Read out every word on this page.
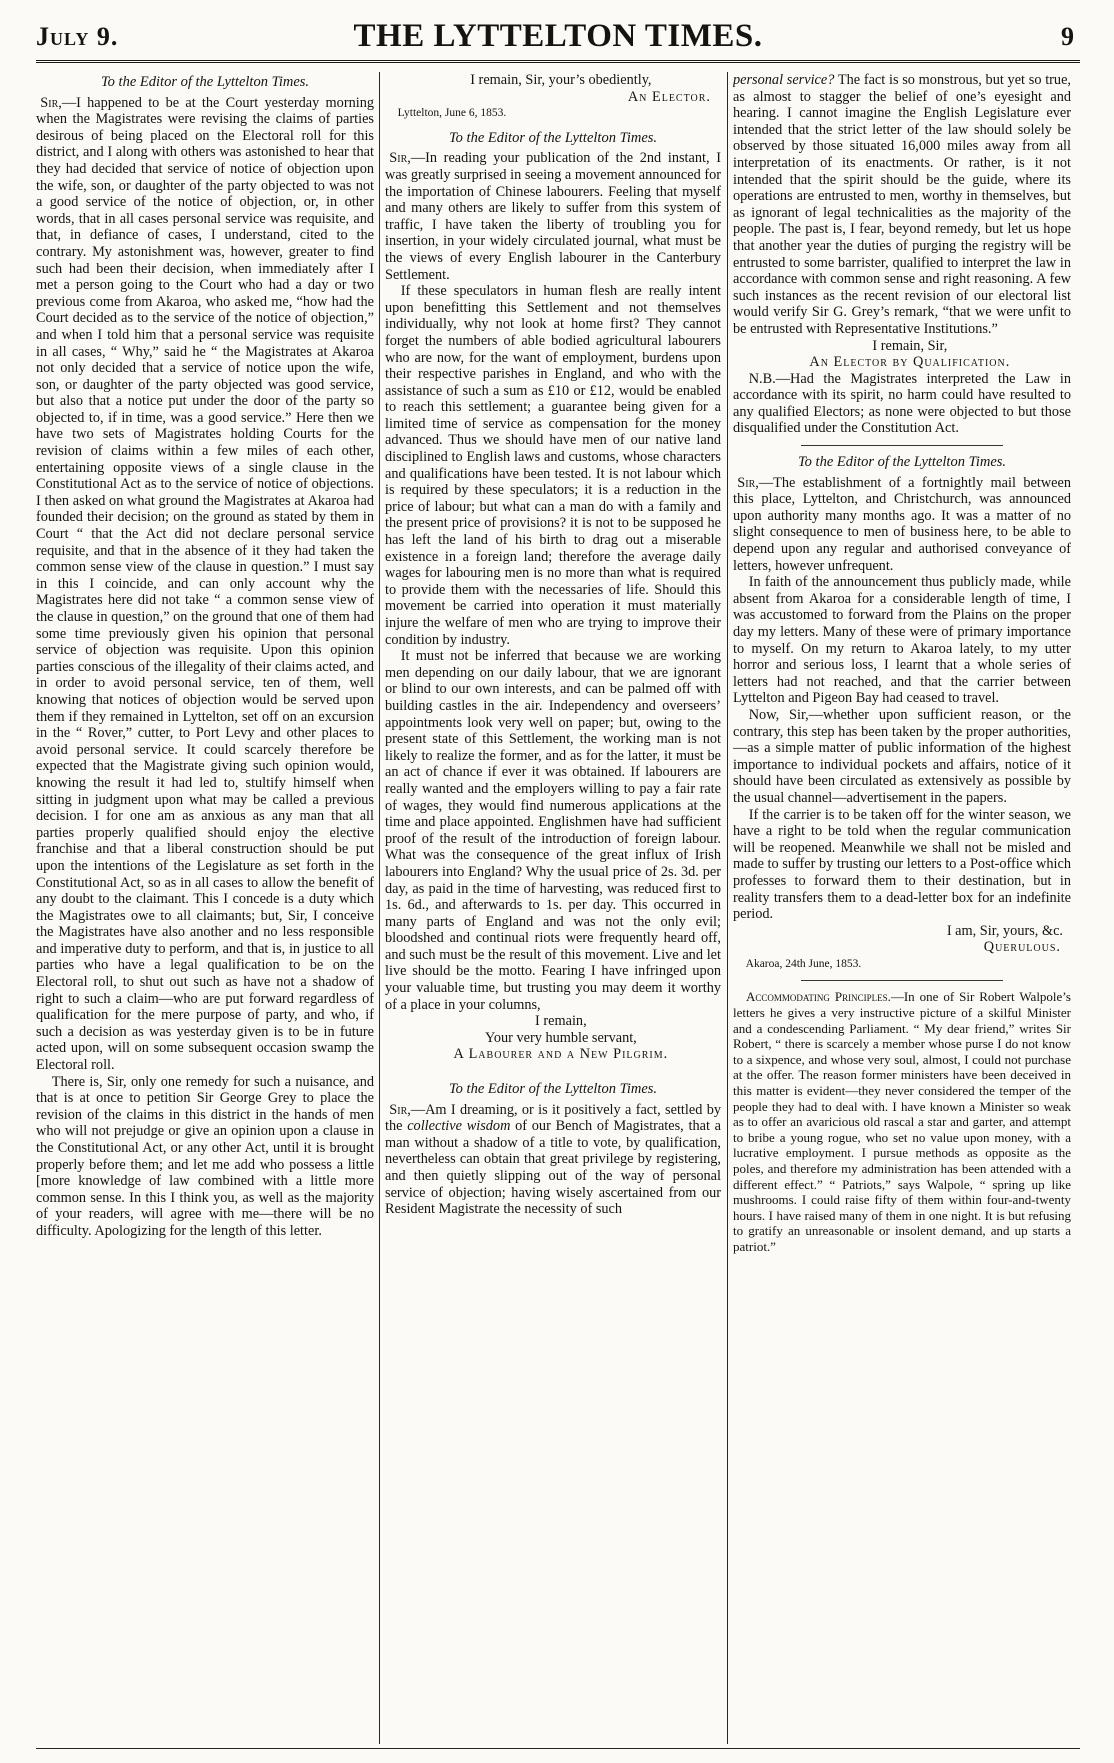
July 9.	THE LYTTELTON TIMES.	9
To the Editor of the Lyttelton Times.

Sir,—I happened to be at the Court yesterday morning when the Magistrates were revising the claims of parties desirous of being placed on the Electoral roll for this district, and I along with others was astonished to hear that they had decided that service of notice of objection upon the wife, son, or daughter of the party objected to was not a good service of the notice of objection, or, in other words, that in all cases personal service was requisite, and that, in defiance of cases, I understand, cited to the contrary. My astonishment was, however, greater to find such had been their decision, when immediately after I met a person going to the Court who had a day or two previous come from Akaroa, who asked me, “how had the Court decided as to the service of the notice of objection,” and when I told him that a personal service was requisite in all cases, “ Why,” said he “ the Magistrates at Akaroa not only decided that a service of notice upon the wife, son, or daughter of the party objected was good service, but also that a notice put under the door of the party so objected to, if in time, was a good service.” Here then we have two sets of Magistrates holding Courts for the revision of claims within a few miles of each other, entertaining opposite views of a single clause in the Constitutional Act as to the service of notice of objections. I then asked on what ground the Magistrates at Akaroa had founded their decision; on the ground as stated by them in Court “ that the Act did not declare personal service requisite, and that in the absence of it they had taken the common sense view of the clause in question.” I must say in this I coincide, and can only account why the Magistrates here did not take “ a common sense view of the clause in question,” on the ground that one of them had some time previously given his opinion that personal service of objection was requisite. Upon this opinion parties conscious of the illegality of their claims acted, and in order to avoid personal service, ten of them, well knowing that notices of objection would be served upon them if they remained in Lyttelton, set off on an excursion in the “ Rover,” cutter, to Port Levy and other places to avoid personal service. It could scarcely therefore be expected that the Magistrate giving such opinion would, knowing the result it had led to, stultify himself when sitting in judgment upon what may be called a previous decision. I for one am as anxious as any man that all parties properly qualified should enjoy the elective franchise and that a liberal construction should be put upon the intentions of the Legislature as set forth in the Constitutional Act, so as in all cases to allow the benefit of any doubt to the claimant. This I concede is a duty which the Magistrates owe to all claimants; but, Sir, I conceive the Magistrates have also another and no less responsible and imperative duty to perform, and that is, in justice to all parties who have a legal qualification to be on the Electoral roll, to shut out such as have not a shadow of right to such a claim—who are put forward regardless of qualification for the mere purpose of party, and who, if such a decision as was yesterday given is to be in future acted upon, will on some subsequent occasion swamp the Electoral roll.

There is, Sir, only one remedy for such a nuisance, and that is at once to petition Sir George Grey to place the revision of the claims in this district in the hands of men who will not prejudge or give an opinion upon a clause in the Constitutional Act, or any other Act, until it is brought properly before them; and let me add who possess a little [more knowledge of law combined with a little more common sense. In this I think you, as well as the majority of your readers, will agree with me—there will be no difficulty. Apologizing for the length of this letter.

I remain, Sir, your’s obediently,

An Elector.

Lyttelton, June 6, 1853.

To the Editor of the Lyttelton Times.

Sir,—In reading your publication of the 2nd instant, I was greatly surprised in seeing a movement announced for the importation of Chinese labourers. Feeling that myself and many others are likely to suffer from this system of traffic, I have taken the liberty of troubling you for insertion, in your widely circulated journal, what must be the views of every English labourer in the Canterbury Settlement.

If these speculators in human flesh are really intent upon benefitting this Settlement and not themselves individually, why not look at home first? They cannot forget the numbers of able bodied agricultural labourers who are now, for the want of employment, burdens upon their respective parishes in England, and who with the assistance of such a sum as £10 or £12, would be enabled to reach this settlement; a guarantee being given for a limited time of service as compensation for the money advanced. Thus we should have men of our native land disciplined to English laws and customs, whose characters and qualifications have been tested. It is not labour which is required by these speculators; it is a reduction in the price of labour; but what can a man do with a family and the present price of provisions? it is not to be supposed he has left the land of his birth to drag out a miserable existence in a foreign land; therefore the average daily wages for labouring men is no more than what is required to provide them with the necessaries of life. Should this movement be carried into operation it must materially injure the welfare of men who are trying to improve their condition by industry.

It must not be inferred that because we are working men depending on our daily labour, that we are ignorant or blind to our own interests, and can be palmed off with building castles in the air. Independency and overseers’ appointments look very well on paper; but, owing to the present state of this Settlement, the working man is not likely to realize the former, and as for the latter, it must be an act of chance if ever it was obtained. If labourers are really wanted and the employers willing to pay a fair rate of wages, they would find numerous applications at the time and place appointed. Englishmen have had sufficient proof of the result of the introduction of foreign labour. What was the consequence of the great influx of Irish labourers into England? Why the usual price of 2s. 3d. per day, as paid in the time of harvesting, was reduced first to 1s. 6d., and afterwards to 1s. per day. This occurred in many parts of England and was not the only evil; bloodshed and continual riots were frequently heard off, and such must be the result of this movement. Live and let live should be the motto. Fearing I have infringed upon your valuable time, but trusting you may deem it worthy of a place in your columns,

I remain,

Your very humble servant,

A Labourer and a New Pilgrim.

To the Editor of the Lyttelton Times.

Sir,—Am I dreaming, or is it positively a fact, settled by the collective wisdom of our Bench of Magistrates, that a man without a shadow of a title to vote, by qualification, nevertheless can obtain that great privilege by registering, and then quietly slipping out of the way of personal service of objection; having wisely ascertained from our Resident Magistrate the necessity of such

personal service? The fact is so monstrous, but yet so true, as almost to stagger the belief of one’s eyesight and hearing. I cannot imagine the English Legislature ever intended that the strict letter of the law should solely be observed by those situated 16,000 miles away from all interpretation of its enactments. Or rather, is it not intended that the spirit should be the guide, where its operations are entrusted to men, worthy in themselves, but as ignorant of legal technicalities as the majority of the people. The past is, I fear, beyond remedy, but let us hope that another year the duties of purging the registry will be entrusted to some barrister, qualified to interpret the law in accordance with common sense and right reasoning. A few such instances as the recent revision of our electoral list would verify Sir G. Grey’s remark, “that we were unfit to be entrusted with Representative Institutions.”

I remain, Sir,

An Elector by Qualification.

N.B.—Had the Magistrates interpreted the Law in accordance with its spirit, no harm could have resulted to any qualified Electors; as none were objected to but those disqualified under the Constitution Act.

To the Editor of the Lyttelton Times.

Sir,—The establishment of a fortnightly mail between this place, Lyttelton, and Christchurch, was announced upon authority many months ago. It was a matter of no slight consequence to men of business here, to be able to depend upon any regular and authorised conveyance of letters, however unfrequent.

In faith of the announcement thus publicly made, while absent from Akaroa for a considerable length of time, I was accustomed to forward from the Plains on the proper day my letters. Many of these were of primary importance to myself. On my return to Akaroa lately, to my utter horror and serious loss, I learnt that a whole series of letters had not reached, and that the carrier between Lyttelton and Pigeon Bay had ceased to travel.

Now, Sir,—whether upon sufficient reason, or the contrary, this step has been taken by the proper authorities,—as a simple matter of public information of the highest importance to individual pockets and affairs, notice of it should have been circulated as extensively as possible by the usual channel—advertisement in the papers.

If the carrier is to be taken off for the winter season, we have a right to be told when the regular communication will be reopened. Meanwhile we shall not be misled and made to suffer by trusting our letters to a Post-office which professes to forward them to their destination, but in reality transfers them to a dead-letter box for an indefinite period.

I am, Sir, yours, &c.

Querulous.

Akaroa, 24th June, 1853.

Accommodating Principles.—In one of Sir Robert Walpole’s letters he gives a very instructive picture of a skilful Minister and a condescending Parliament. “ My dear friend,” writes Sir Robert, “ there is scarcely a member whose purse I do not know to a sixpence, and whose very soul, almost, I could not purchase at the offer. The reason former ministers have been deceived in this matter is evident—they never considered the temper of the people they had to deal with. I have known a Minister so weak as to offer an avaricious old rascal a star and garter, and attempt to bribe a young rogue, who set no value upon money, with a lucrative employment. I pursue methods as opposite as the poles, and therefore my administration has been attended with a different effect.” “ Patriots,” says Walpole, “ spring up like mushrooms. I could raise fifty of them within four-and-twenty hours. I have raised many of them in one night. It is but refusing to gratify an unreasonable or insolent demand, and up starts a patriot.”
